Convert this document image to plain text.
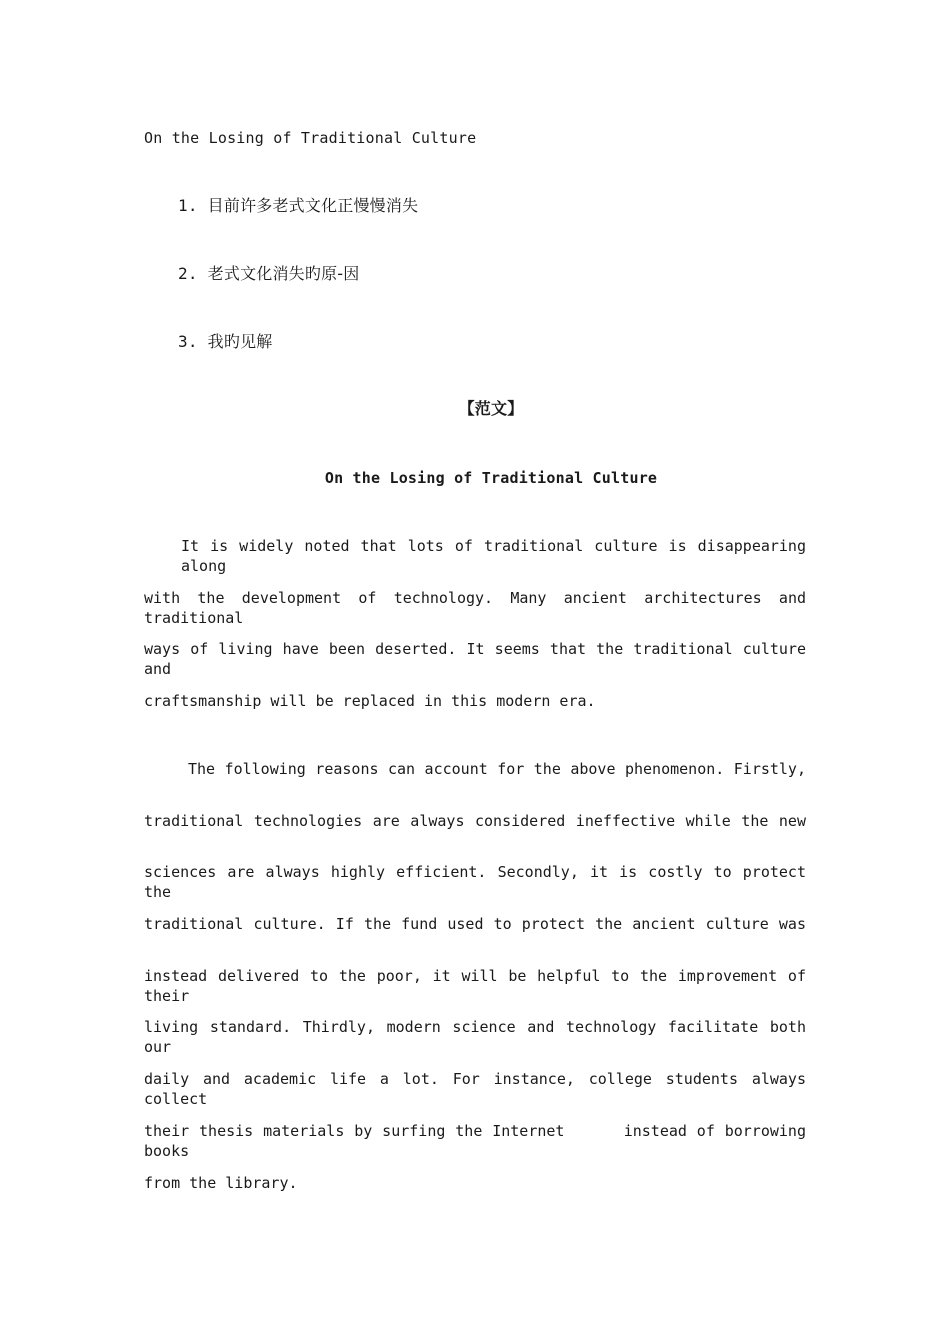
On the Losing of Traditional Culture
1. 目前许多老式文化正慢慢消失
2. 老式文化消失旳原-因
3. 我旳见解
【范文】
On the Losing of Traditional Culture
It is widely noted that lots of traditional culture is disappearing along
with the development of technology. Many ancient architectures and traditional
ways of living have been deserted. It seems that the traditional culture and
craftsmanship will be replaced in this modern era.
The following reasons can account for the above phenomenon. Firstly,
traditional technologies are always considered ineffective while the new
sciences are always highly efficient. Secondly, it is costly to protect the
traditional culture. If the fund used to protect the ancient culture was
instead delivered to the poor, it will be helpful to the improvement of their
living standard. Thirdly, modern science and technology facilitate both our
daily and academic life a lot. For instance, college students always collect
their thesis materials by surfing the Internet      instead of borrowing books
from the library.
